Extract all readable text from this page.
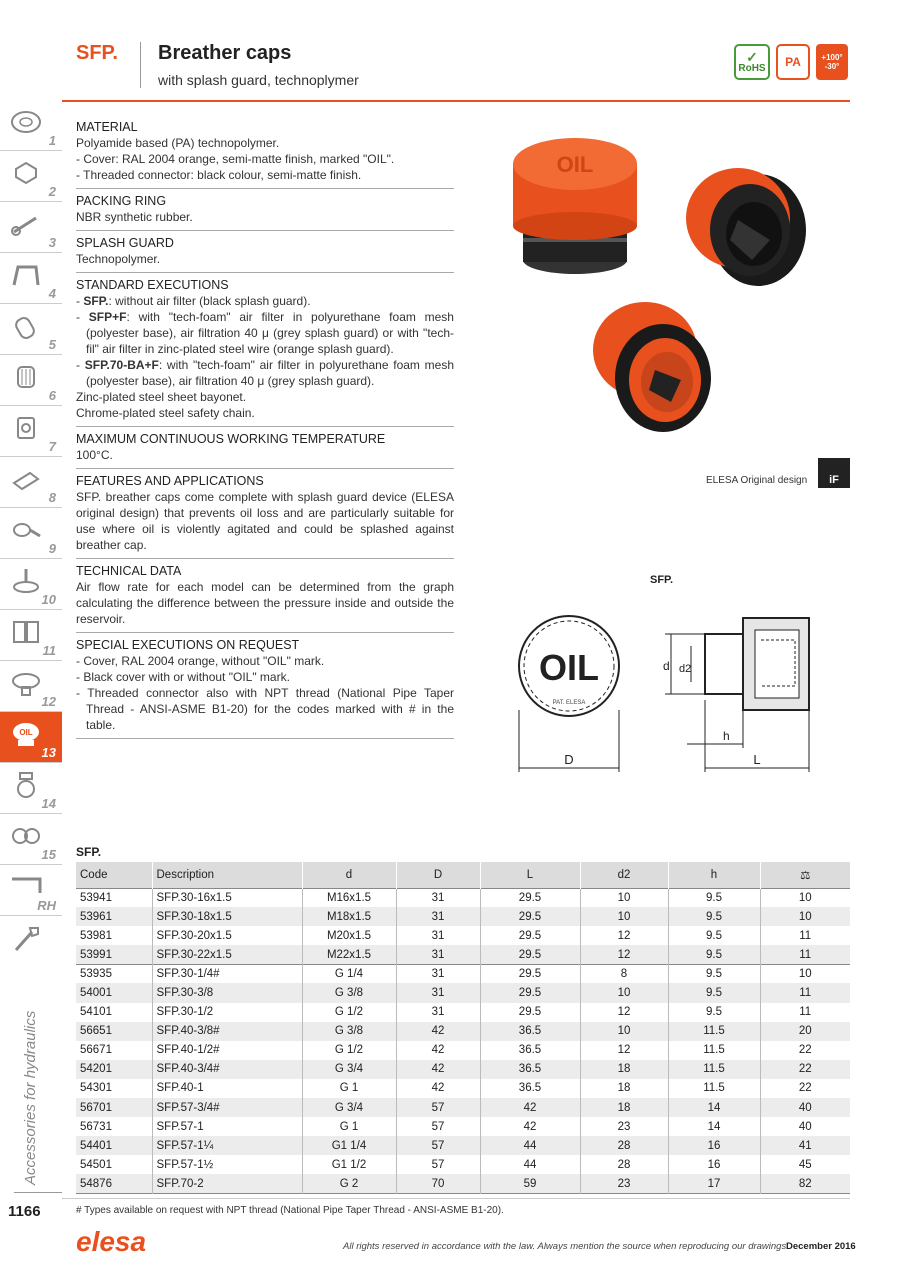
SFP. Breather caps
with splash guard, technoplymer
✓
RoHS	PA	+100°
-30°
1
2
3
4
5
6
7
8
9
10
11
12
OIL
13
14
15
RH
Accessories for hydraulics
1166
MATERIAL

Polyamide based (PA) technopolymer.

- Cover: RAL 2004 orange, semi-matte finish, marked "OIL".

- Threaded connector: black colour, semi-matte finish.

PACKING RING

NBR synthetic rubber.

SPLASH GUARD

Technopolymer.

STANDARD EXECUTIONS
- SFP.: without air filter (black splash guard).
- SFP+F: with "tech-foam" air filter in polyurethane foam mesh (polyester base), air filtration 40 μ (grey splash guard) or with "tech-fil" air filter in zinc-plated steel wire (orange splash guard).
- SFP.70-BA+F: with "tech-foam" air filter in polyurethane foam mesh (polyester base), air filtration 40 μ (grey splash guard).

Zinc-plated steel sheet bayonet.

Chrome-plated steel safety chain.

MAXIMUM CONTINUOUS WORKING TEMPERATURE

100°C.

FEATURES AND APPLICATIONS

SFP. breather caps come complete with splash guard device (ELESA original design) that prevents oil loss and are particularly suitable for use where oil is violently agitated and could be splashed against breather cap.

TECHNICAL DATA

Air flow rate for each model can be determined from the graph calculating the difference between the pressure inside and outside the reservoir.

SPECIAL EXECUTIONS ON REQUEST
- Cover, RAL 2004 orange, without "OIL" mark.
- Black cover with or without "OIL" mark.
- Threaded connector also with NPT thread (National Pipe Taper Thread - ANSI-ASME B1-20) for the codes marked with # in the table.
OIL
ELESA Original design iF
SFP.
OIL
PAT. ELESA
D
d d2
h
L
SFP.
Code	Description	d	D	L	d2	h	⚖
53941	SFP.30-16x1.5	M16x1.5	31	29.5	10	9.5	10
53961	SFP.30-18x1.5	M18x1.5	31	29.5	10	9.5	10
53981	SFP.30-20x1.5	M20x1.5	31	29.5	12	9.5	11
53991	SFP.30-22x1.5	M22x1.5	31	29.5	12	9.5	11
53935	SFP.30-1/4#	G 1/4	31	29.5	8	9.5	10
54001	SFP.30-3/8	G 3/8	31	29.5	10	9.5	11
54101	SFP.30-1/2	G 1/2	31	29.5	12	9.5	11
56651	SFP.40-3/8#	G 3/8	42	36.5	10	11.5	20
56671	SFP.40-1/2#	G 1/2	42	36.5	12	11.5	22
54201	SFP.40-3/4#	G 3/4	42	36.5	18	11.5	22
54301	SFP.40-1	G 1	42	36.5	18	11.5	22
56701	SFP.57-3/4#	G 3/4	57	42	18	14	40
56731	SFP.57-1	G 1	57	42	23	14	40
54401	SFP.57-1¼	G1 1/4	57	44	28	16	41
54501	SFP.57-1½	G1 1/2	57	44	28	16	45
54876	SFP.70-2	G 2	70	59	23	17	82
# Types available on request with NPT thread (National Pipe Taper Thread - ANSI-ASME B1-20).
elesa	All rights reserved in accordance with the law. Always mention the source when reproducing our drawings.
December 2016
